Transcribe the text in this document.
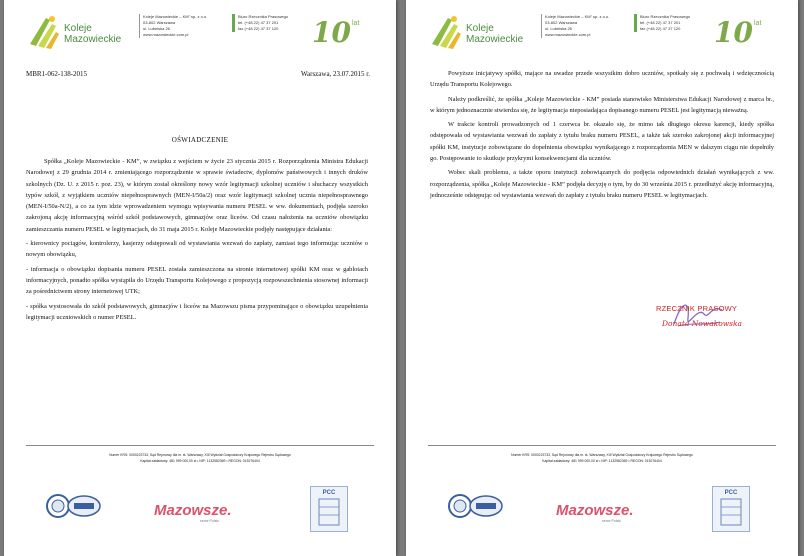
Koleje
Mazowieckie
Koleje Mazowieckie – KM” sp. z o.o.
03-802 Warszawa
ul. Lubelska 26
www.mazowieckie.com.pl
Biuro Rzecznika Prasowego
tel. (+48 22) 47 37 201
fax (+48 22) 47 37 120	10 lat
MBR1-062-138-2015	Warszawa, 23.07.2015 r.
OŚWIADCZENIE

Spółka „Koleje Mazowieckie - KM”, w związku z wejściem w życie 23 stycznia 2015 r. Rozporządzenia Ministra Edukacji Narodowej z 29 grudnia 2014 r. zmieniającego rozporządzenie w sprawie świadectw, dyplomów państwowych i innych druków szkolnych (Dz. U. z 2015 r. poz. 23), w którym został określony nowy wzór legitymacji szkolnej uczniów i słuchaczy wszystkich typów szkół, z wyjątkiem uczniów niepełnosprawnych (MEN-I/50a/2) oraz wzór legitymacji szkolnej ucznia niepełnosprawnego (MEN-I/50a-N/2), a co za tym idzie wprowadzeniem wymogu wpisywania numeru PESEL w ww. dokumentach, podjęła szeroko zakrojoną akcję informacyjną wśród szkół podstawowych, gimnazjów oraz liceów. Od czasu nałożenia na uczniów obowiązku zamieszczania numeru PESEL w legitymacjach, do 31 maja 2015 r. Koleje Mazowieckie podjęły następujące działania:

- kierownicy pociągów, kontrolerzy, kasjerzy odstępowali od wystawiania wezwań do zapłaty, zamiast tego informując uczniów o nowym obowiązku,

- informacja o obowiązku dopisania numeru PESEL została zamieszczona na stronie internetowej spółki KM oraz w gablotach informacyjnych, ponadto spółka wystąpiła do Urzędu Transportu Kolejowego z propozycją rozpowszechnienia stosownej informacji za pośrednictwem strony internetowej UTK;

- spółka wystosowała do szkół podstawowych, gimnazjów i liceów na Mazowszu pisma przypominające o obowiązku uzupełnienia legitymacji uczniowskich o numer PESEL.

Numer KRS: 0000223733, Sąd Rejonowy dla m. st. Warszawy, XIII Wydział Gospodarczy Krajowego Rejestru Sądowego
Kapitał zakładowy: 481 999 000,00 zł • NIP: 1132582369 • REGON: 015276404
Mazowsze.
serce Polski
PCC
Koleje
Mazowieckie
Koleje Mazowieckie – KM” sp. z o.o.
03-802 Warszawa
ul. Lubelska 26
www.mazowieckie.com.pl
Biuro Rzecznika Prasowego
tel. (+48 22) 47 37 201
fax (+48 22) 47 37 120	10 lat

Powyższe inicjatywy spółki, mające na uwadze przede wszystkim dobro uczniów, spotkały się z pochwałą i wdzięcznością Urzędu Transportu Kolejowego.

Należy podkreślić, że spółka „Koleje Mazowieckie - KM” posiada stanowisko Ministerstwa Edukacji Narodowej z marca br., w którym jednoznacznie stwierdza się, że legitymacja nieposiadająca dopisanego numeru PESEL jest legitymacją nieważną.

W trakcie kontroli prowadzonych od 1 czerwca br. okazało się, że mimo tak długiego okresu karencji, kiedy spółka odstępowała od wystawiania wezwań do zapłaty z tytułu braku numeru PESEL, a także tak szeroko zakrojonej akcji informacyjnej spółki KM, instytucje zobowiązane do dopełnienia obowiązku wynikającego z rozporządzenia MEN w dalszym ciągu nie dopełniły go. Postępowanie to skutkuje przykrymi konsekwencjami dla uczniów.

Wobec skali problemu, a także oporu instytucji zobowiązanych do podjęcia odpowiednich działań wynikających z ww. rozporządzenia, spółka „Koleje Mazowieckie - KM” podjęła decyzję o tym, by do 30 września 2015 r. przedłużyć akcję informacyjną, jednocześnie odstępując od wystawiania wezwań do zapłaty z tytułu braku numeru PESEL w legitymacjach.

RZECZNIK PRASOWY
Donata Nowakowska
Numer KRS: 0000223733, Sąd Rejonowy dla m. st. Warszawy, XIII Wydział Gospodarczy Krajowego Rejestru Sądowego
Kapitał zakładowy: 481 999 000,00 zł • NIP: 1132582369 • REGON: 015276404
Mazowsze.
serce Polski
PCC
